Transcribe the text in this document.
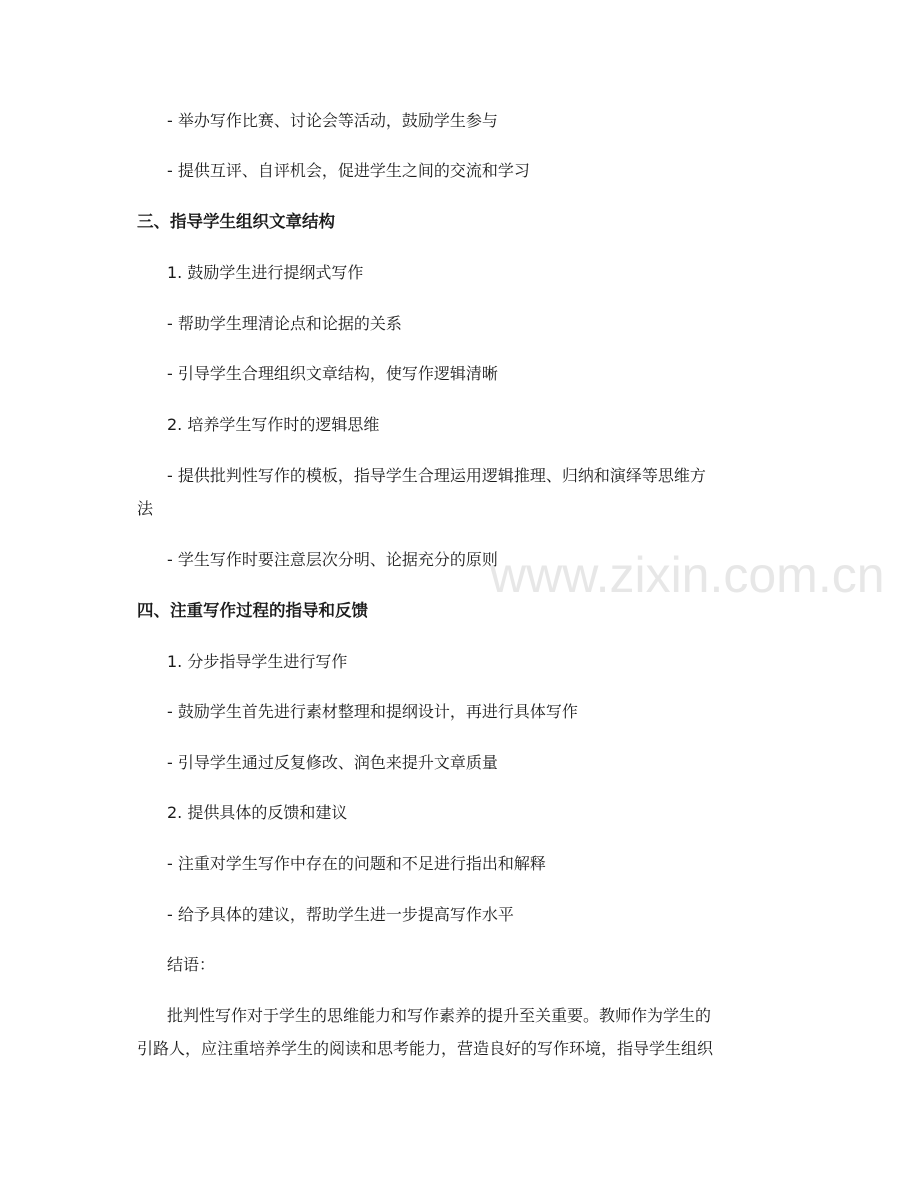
www.zixin.com.cn
- 举办写作比赛、讨论会等活动，鼓励学生参与
- 提供互评、自评机会，促进学生之间的交流和学习
三、指导学生组织文章结构
1. 鼓励学生进行提纲式写作
- 帮助学生理清论点和论据的关系
- 引导学生合理组织文章结构，使写作逻辑清晰
2. 培养学生写作时的逻辑思维
- 提供批判性写作的模板，指导学生合理运用逻辑推理、归纳和演绎等思维方
法
- 学生写作时要注意层次分明、论据充分的原则
四、注重写作过程的指导和反馈
1. 分步指导学生进行写作
- 鼓励学生首先进行素材整理和提纲设计，再进行具体写作
- 引导学生通过反复修改、润色来提升文章质量
2. 提供具体的反馈和建议
- 注重对学生写作中存在的问题和不足进行指出和解释
- 给予具体的建议，帮助学生进一步提高写作水平
结语：
批判性写作对于学生的思维能力和写作素养的提升至关重要。教师作为学生的
引路人，应注重培养学生的阅读和思考能力，营造良好的写作环境，指导学生组织
